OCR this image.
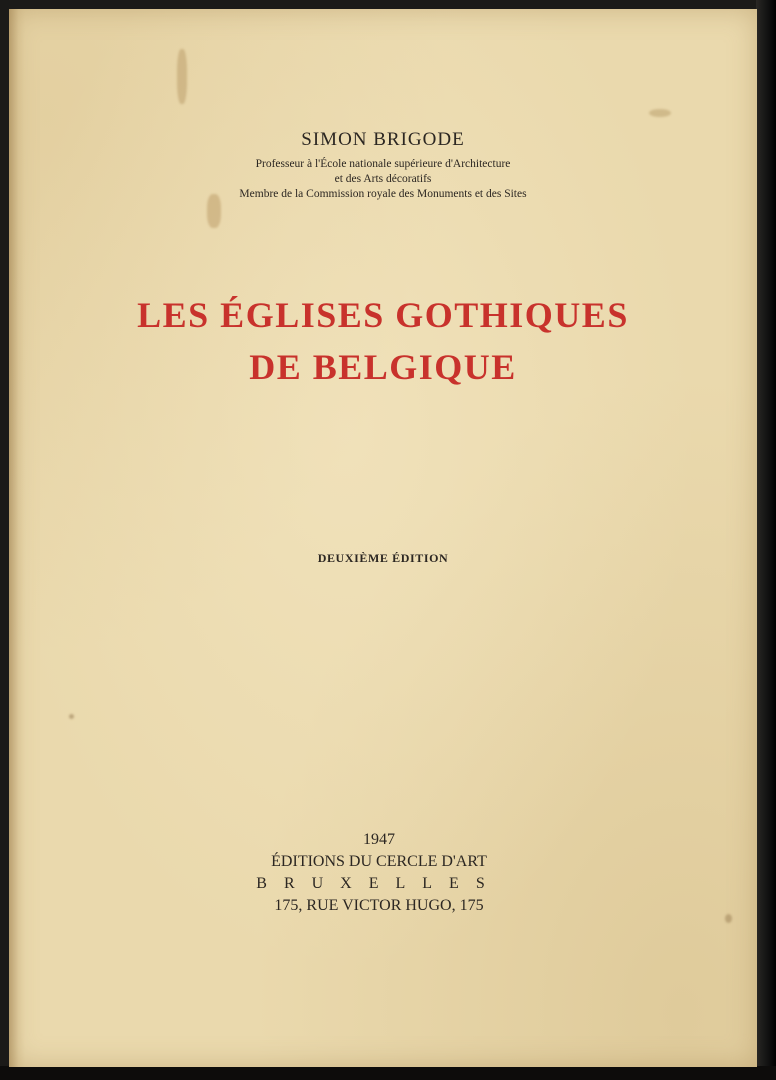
SIMON BRIGODE
Professeur à l'École nationale supérieure d'Architecture
et des Arts décoratifs
Membre de la Commission royale des Monuments et des Sites
LES ÉGLISES GOTHIQUES
DE BELGIQUE
DEUXIÈME ÉDITION
1947
ÉDITIONS DU CERCLE D'ART
BRUXELLES
175, RUE VICTOR HUGO, 175
